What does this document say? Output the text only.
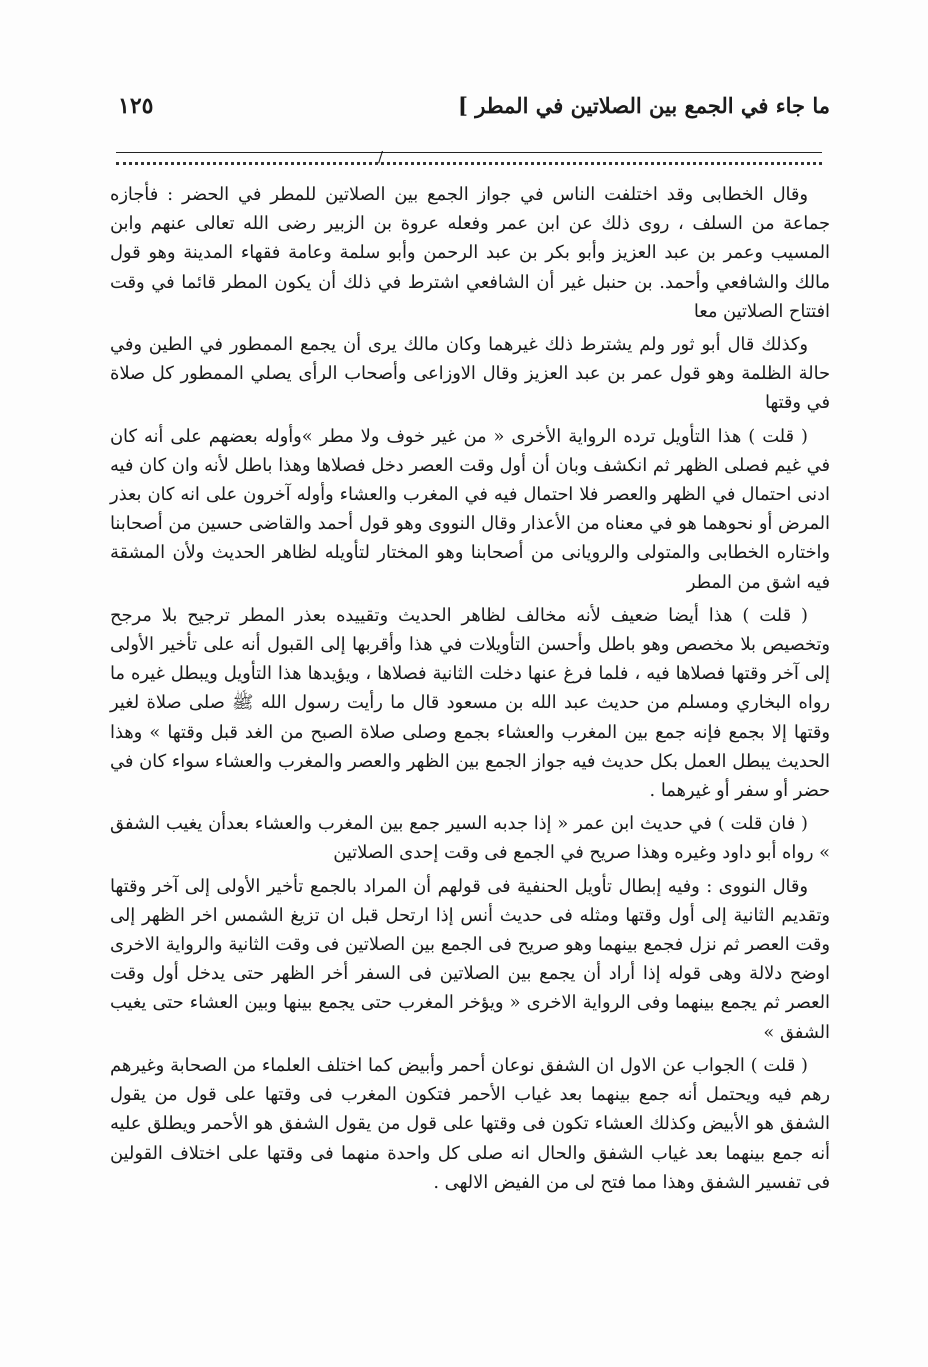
ما جاء في الجمع بين الصلاتين في المطر ]
١٢٥
/

وقال الخطابى وقد اختلفت الناس في جواز الجمع بين الصلاتين للمطر في الحضر : فأجازه جماعة من السلف ، روى ذلك عن ابن عمر وفعله عروة بن الزبير رضى الله تعالى عنهم وابن المسيب وعمر بن عبد العزيز وأبو بكر بن عبد الرحمن وأبو سلمة وعامة فقهاء المدينة وهو قول مالك والشافعي وأحمد. بن حنبل غير أن الشافعي اشترط في ذلك أن يكون المطر قائما في وقت افتتاح الصلاتين معا

وكذلك قال أبو ثور ولم يشترط ذلك غيرهما وكان مالك يرى أن يجمع الممطور في الطين وفي حالة الظلمة وهو قول عمر بن عبد العزيز وقال الاوزاعى وأصحاب الرأى يصلي الممطور كل صلاة في وقتها

( قلت ) هذا التأويل ترده الرواية الأخرى « من غير خوف ولا مطر »وأوله بعضهم على أنه كان في غيم فصلى الظهر ثم انكشف وبان أن أول وقت العصر دخل فصلاها وهذا باطل لأنه وان كان فيه ادنى احتمال في الظهر والعصر فلا احتمال فيه في المغرب والعشاء وأوله آخرون على انه كان بعذر المرض أو نحوهما هو في معناه من الأعذار وقال النووى وهو قول أحمد والقاضى حسين من أصحابنا واختاره الخطابى والمتولى والرويانى من أصحابنا وهو المختار لتأويله لظاهر الحديث ولأن المشقة فيه اشق من المطر

( قلت ) هذا أيضا ضعيف لأنه مخالف لظاهر الحديث وتقييده بعذر المطر ترجيح بلا مرجح وتخصيص بلا مخصص وهو باطل وأحسن التأويلات في هذا وأقربها إلى القبول أنه على تأخير الأولى إلى آخر وقتها فصلاها فيه ، فلما فرغ عنها دخلت الثانية فصلاها ، ويؤيدها هذا التأويل ويبطل غيره ما رواه البخاري ومسلم من حديث عبد الله بن مسعود قال ما رأيت رسول الله ﷺ صلى صلاة لغير وقتها إلا بجمع فإنه جمع بين المغرب والعشاء بجمع وصلى صلاة الصبح من الغد قبل وقتها » وهذا الحديث يبطل العمل بكل حديث فيه جواز الجمع بين الظهر والعصر والمغرب والعشاء سواء كان في حضر أو سفر أو غيرهما .

( فان قلت ) في حديث ابن عمر « إذا جدبه السير جمع بين المغرب والعشاء بعدأن يغيب الشفق » رواه أبو داود وغيره وهذا صريح في الجمع فى وقت إحدى الصلاتين

وقال النووى : وفيه إبطال تأويل الحنفية فى قولهم أن المراد بالجمع تأخير الأولى إلى آخر وقتها وتقديم الثانية إلى أول وقتها ومثله فى حديث أنس إذا ارتحل قبل ان تزيغ الشمس اخر الظهر إلى وقت العصر ثم نزل فجمع بينهما وهو صريح فى الجمع بين الصلاتين فى وقت الثانية والرواية الاخرى اوضح دلالة وهى قوله إذا أراد أن يجمع بين الصلاتين فى السفر أخر الظهر حتى يدخل أول وقت العصر ثم يجمع بينهما وفى الرواية الاخرى « ويؤخر المغرب حتى يجمع بينها وبين العشاء حتى يغيب الشفق »

( قلت ) الجواب عن الاول ان الشفق نوعان أحمر وأبيض كما اختلف العلماء من الصحابة وغيرهم رهم فيه ويحتمل أنه جمع بينهما بعد غياب الأحمر فتكون المغرب فى وقتها على قول من يقول الشفق هو الأبيض وكذلك العشاء تكون فى وقتها على قول من يقول الشفق هو الأحمر ويطلق عليه أنه جمع بينهما بعد غياب الشفق والحال انه صلى كل واحدة منهما فى وقتها على اختلاف القولين فى تفسير الشفق وهذا مما فتح لى من الفيض الالهى .
